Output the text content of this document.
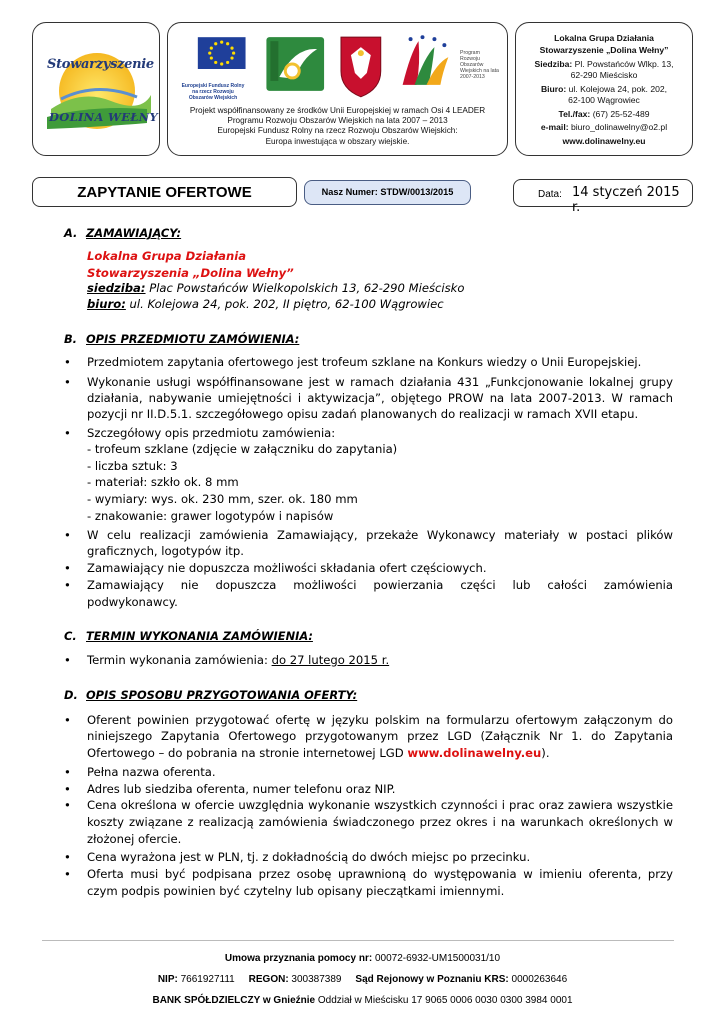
Stowarzyszenie
DOLINA WEŁNY
Europejski Fundusz Rolny na rzecz Rozwoju Obszarów Wiejskich
Program Rozwoju Obszarów Wiejskich na lata 2007-2013
Projekt współfinansowany ze środków Unii Europejskiej w ramach Osi 4 LEADER
Programu Rozwoju Obszarów Wiejskich na lata 2007 – 2013
Europejski Fundusz Rolny na rzecz Rozwoju Obszarów Wiejskich:
Europa inwestująca w obszary wiejskie.
Lokalna Grupa Działania
Stowarzyszenie „Dolina Wełny”
Siedziba: Pl. Powstańców Wlkp. 13,
62-290 Mieścisko
Biuro: ul. Kolejowa 24, pok. 202,
62-100 Wągrowiec
Tel./fax: (67) 25-52-489
e-mail: biuro_dolinawelny@o2.pl
www.dolinawelny.eu
ZAPYTANIE OFERTOWE	Nasz Numer: STDW/0013/2015	Data: 14 styczeń 2015 r.
A. ZAMAWIAJĄCY:
Lokalna Grupa Działania
Stowarzyszenia „Dolina Wełny”
siedziba: Plac Powstańców Wielkopolskich 13, 62-290 Mieścisko
biuro: ul. Kolejowa 24, pok. 202, II piętro, 62-100 Wągrowiec
B. OPIS PRZEDMIOTU ZAMÓWIENIA:
• Przedmiotem zapytania ofertowego jest trofeum szklane na Konkurs wiedzy o Unii Europejskiej.
• Wykonanie usługi współfinansowane jest w ramach działania 431 „Funkcjonowanie lokalnej grupy
działania, nabywanie umiejętności i aktywizacja”, objętego PROW na lata 2007-2013. W ramach
pozycji nr II.D.5.1. szczegółowego opisu zadań planowanych do realizacji w ramach XVII etapu.
• Szczegółowy opis przedmiotu zamówienia:
- trofeum szklane (zdjęcie w załączniku do zapytania)
- liczba sztuk: 3
- materiał: szkło ok. 8 mm
- wymiary: wys. ok. 230 mm, szer. ok. 180 mm
- znakowanie: grawer logotypów i napisów
• W celu realizacji zamówienia Zamawiający, przekaże Wykonawcy materiały w postaci plików
graficznych, logotypów itp.
• Zamawiający nie dopuszcza możliwości składania ofert częściowych.
• Zamawiający nie dopuszcza możliwości powierzania części lub całości zamówienia
podwykonawcy.
C. TERMIN WYKONANIA ZAMÓWIENIA:
• Termin wykonania zamówienia: do 27 lutego 2015 r.
D. OPIS SPOSOBU PRZYGOTOWANIA OFERTY:
• Oferent powinien przygotować ofertę w języku polskim na formularzu ofertowym załączonym do
niniejszego Zapytania Ofertowego przygotowanym przez LGD (Załącznik Nr 1. do Zapytania
Ofertowego – do pobrania na stronie internetowej LGD www.dolinawelny.eu).
• Pełna nazwa oferenta.
• Adres lub siedziba oferenta, numer telefonu oraz NIP.
• Cena określona w ofercie uwzględnia wykonanie wszystkich czynności i prac oraz zawiera wszystkie
koszty związane z realizacją zamówienia świadczonego przez okres i na warunkach określonych w
złożonej ofercie.
• Cena wyrażona jest w PLN, tj. z dokładnością do dwóch miejsc po przecinku.
• Oferta musi być podpisana przez osobę uprawnioną do występowania w imieniu oferenta, przy
czym podpis powinien być czytelny lub opisany pieczątkami imiennymi.
Umowa przyznania pomocy nr: 00072-6932-UM1500031/10
NIP: 7661927111 REGON: 300387389 Sąd Rejonowy w Poznaniu KRS: 0000263646
BANK SPÓŁDZIELCZY w Gnieźnie Oddział w Mieścisku 17 9065 0006 0030 0300 3984 0001
